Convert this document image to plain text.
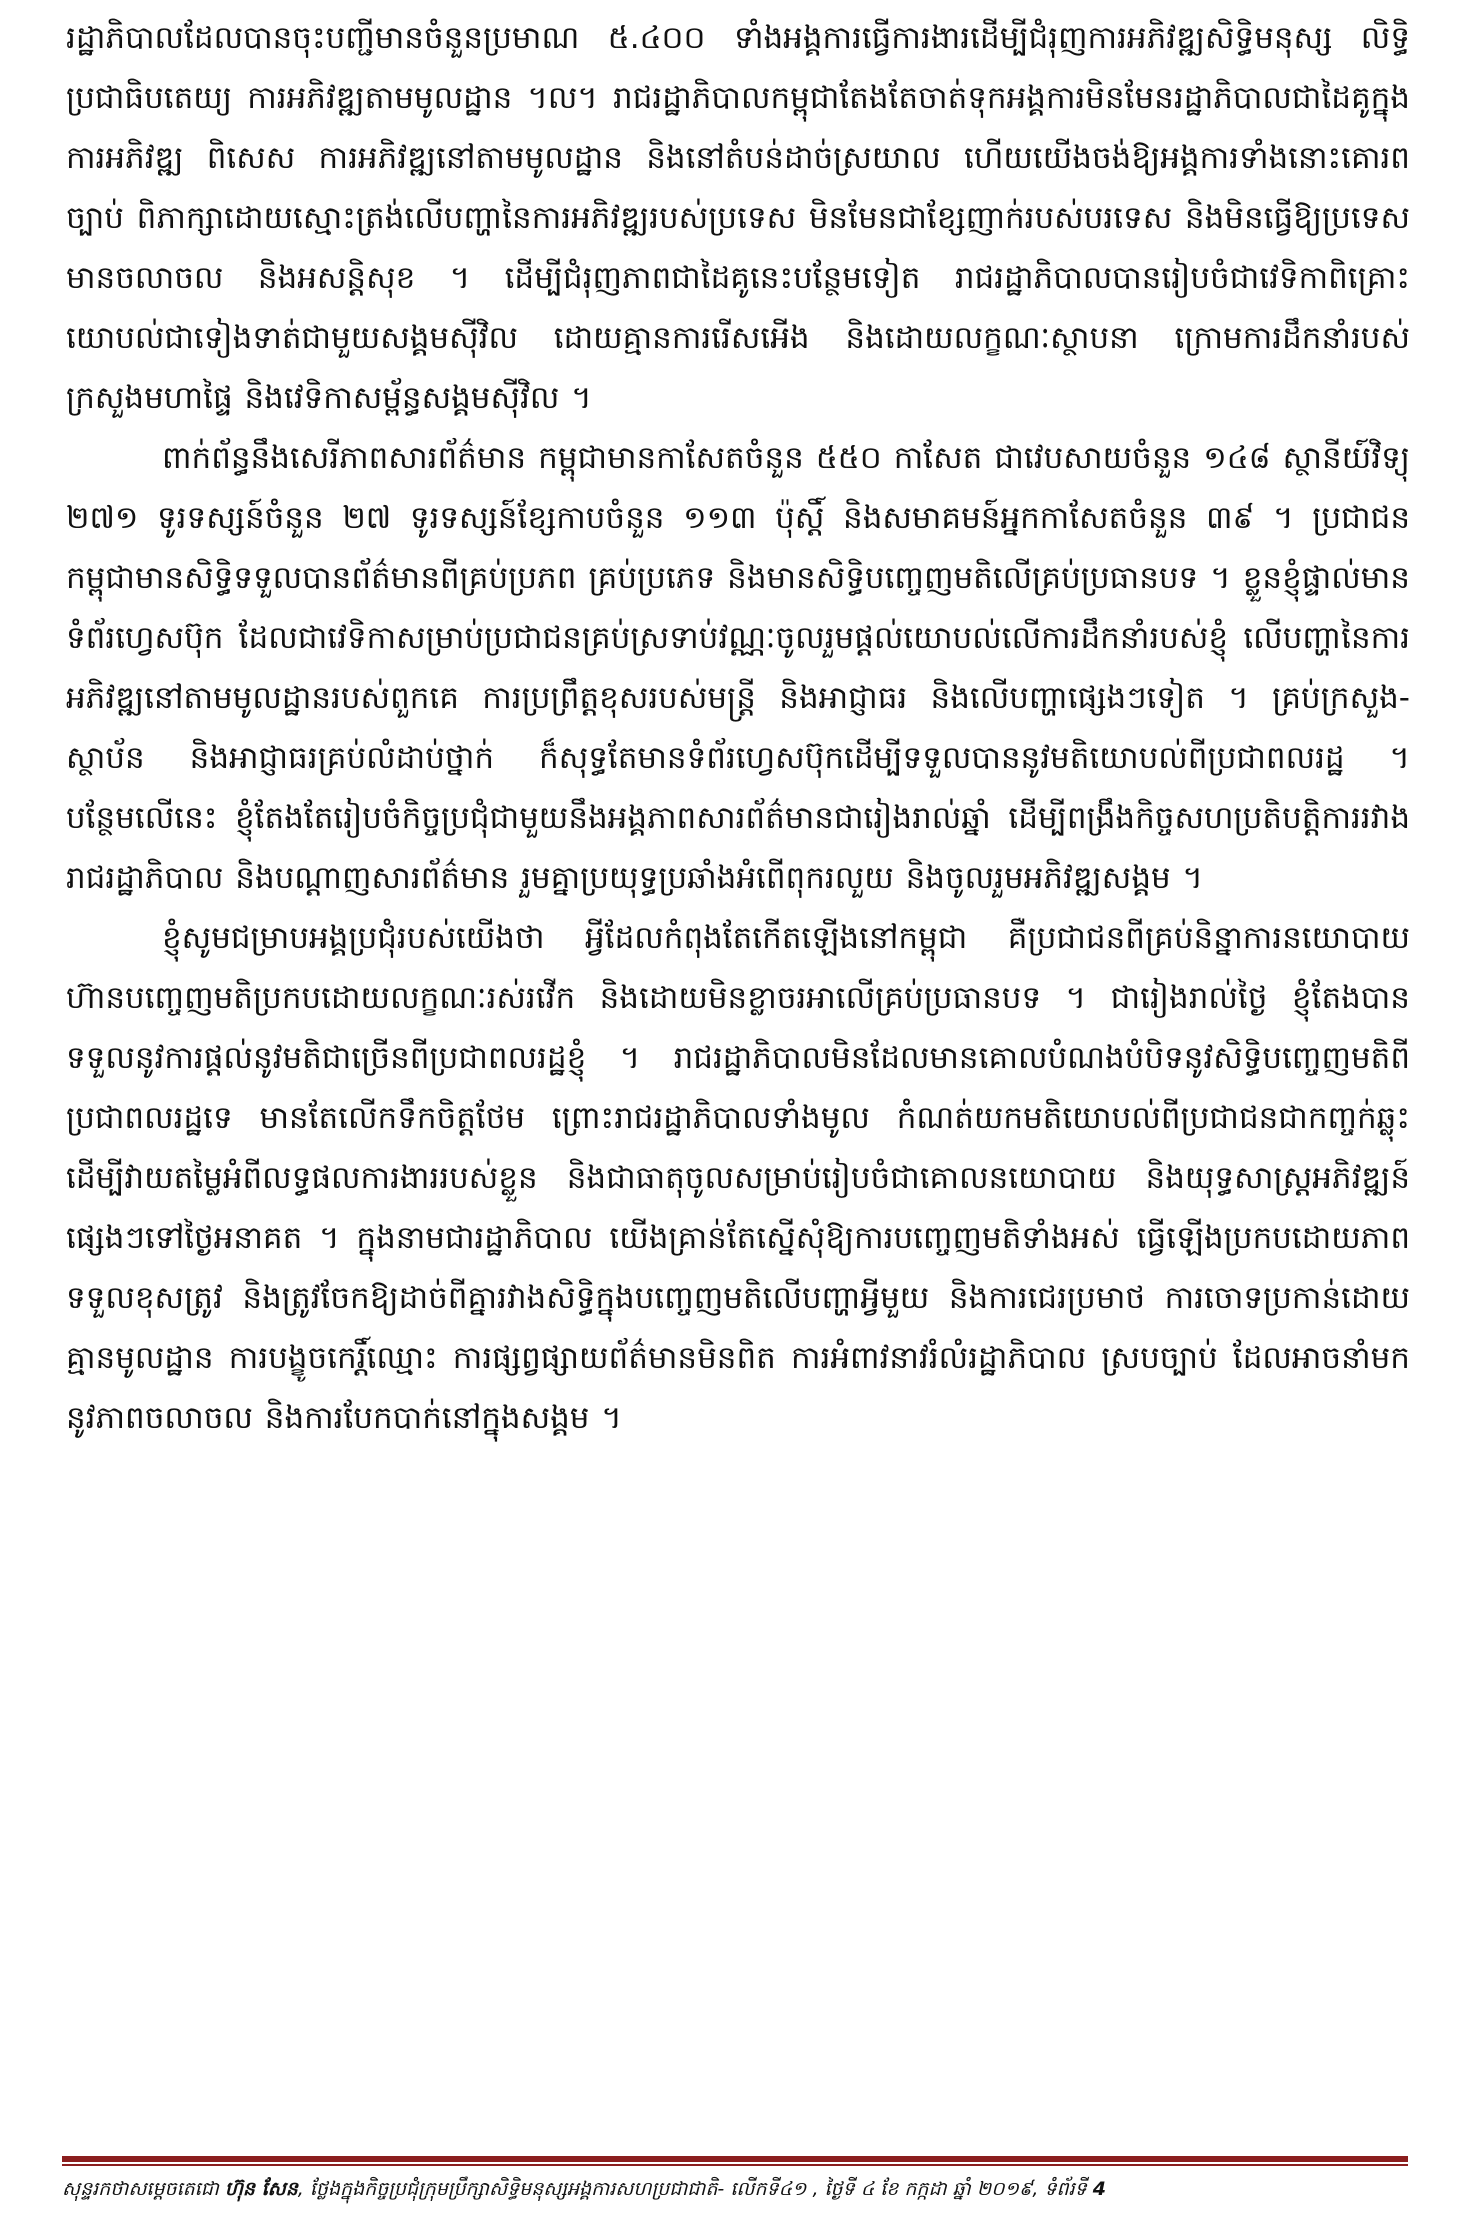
រដ្ឋាភិបាលដែលបានចុះបញ្ជីមានចំនួនប្រមាណ ៥.៤០០ ទាំងអង្គការធ្វើការងារដើម្បីជំរុញការអភិវឌ្ឍសិទ្ធិមនុស្ស លិទ្ធិប្រជាធិបតេយ្យ ការអភិវឌ្ឍតាមមូលដ្ឋាន ។ល។ រាជរដ្ឋាភិបាលកម្ពុជាតែងតែចាត់ទុកអង្គការមិនមែនរដ្ឋាភិបាលជាដៃគូក្នុងការអភិវឌ្ឍ ពិសេស ការអភិវឌ្ឍនៅតាមមូលដ្ឋាន និងនៅតំបន់ដាច់ស្រយាល ហើយយើងចង់ឱ្យអង្គការទាំងនោះគោរពច្បាប់ ពិភាក្សាដោយស្មោះត្រង់លើបញ្ហានៃការអភិវឌ្ឍរបស់ប្រទេស មិនមែនជាខ្សែញាក់របស់បរទេស និងមិនធ្វើឱ្យប្រទេសមានចលាចល និងអសន្តិសុខ ។ ដើម្បីជំរុញភាពជាដៃគូនេះបន្ថែមទៀត រាជរដ្ឋាភិបាលបានរៀបចំជាវេទិកាពិគ្រោះយោបល់ជាទៀងទាត់ជាមួយសង្គមស៊ីវិល ដោយគ្មានការរើសអើង និងដោយលក្ខណៈស្ថាបនា ក្រោមការដឹកនាំរបស់ក្រសួងមហាផ្ទៃ និងវេទិកាសម្ព័ន្ធសង្គមស៊ីវិល ។

ពាក់ព័ន្ធនឹងសេរីភាពសារព័ត៌មាន កម្ពុជាមានកាសែតចំនួន ៥៥០ កាសែត ជាវេបសាយចំនួន ១៤៨ ស្ថានីយ៍វិទ្យុ ២៧១ ទូរទស្សន៍ចំនួន ២៧ ទូរទស្សន៍ខ្សែកាបចំនួន ១១៣ ប៉ុស្តិ៍ និងសមាគមន៍អ្នកកាសែតចំនួន ៣៩ ។ ប្រជាជនកម្ពុជាមានសិទ្ធិទទួលបានព័ត៌មានពីគ្រប់ប្រភព គ្រប់ប្រភេទ និងមានសិទ្ធិបញ្ចេញមតិលើគ្រប់ប្រធានបទ ។ ខ្លួនខ្ញុំផ្ទាល់មានទំព័រហ្វេសប៊ុក ដែលជាវេទិកាសម្រាប់ប្រជាជនគ្រប់ស្រទាប់វណ្ណៈចូលរួមផ្តល់យោបល់លើការដឹកនាំរបស់ខ្ញុំ លើបញ្ហានៃការអភិវឌ្ឍនៅតាមមូលដ្ឋានរបស់ពួកគេ ការប្រព្រឹត្តខុសរបស់មន្ត្រី និងអាជ្ញាធរ និងលើបញ្ហាផ្សេងៗទៀត ។ គ្រប់ក្រសួង-ស្ថាប័ន និងអាជ្ញាធរគ្រប់លំដាប់ថ្នាក់ ក៏សុទ្ធតែមានទំព័រហ្វេសប៊ុកដើម្បីទទួលបាននូវមតិយោបល់ពីប្រជាពលរដ្ឋ ។ បន្ថែមលើនេះ ខ្ញុំតែងតែរៀបចំកិច្ចប្រជុំជាមួយនឹងអង្គភាពសារព័ត៌មានជារៀងរាល់ឆ្នាំ ដើម្បីពង្រឹងកិច្ចសហប្រតិបត្តិការរវាងរាជរដ្ឋាភិបាល និងបណ្តាញសារព័ត៌មាន រួមគ្នាប្រយុទ្ធប្រឆាំងអំពើពុករលួយ និងចូលរួមអភិវឌ្ឍសង្គម ។

ខ្ញុំសូមជម្រាបអង្គប្រជុំរបស់យើងថា អ្វីដែលកំពុងតែកើតឡើងនៅកម្ពុជា គឺប្រជាជនពីគ្រប់និន្នាការនយោបាយហ៊ានបញ្ចេញមតិប្រកបដោយលក្ខណៈរស់រវើក និងដោយមិនខ្លាចរអាលើគ្រប់ប្រធានបទ ។ ជារៀងរាល់ថ្ងៃ ខ្ញុំតែងបានទទួលនូវការផ្តល់នូវមតិជាច្រើនពីប្រជាពលរដ្ឋខ្ញុំ ។ រាជរដ្ឋាភិបាលមិនដែលមានគោលបំណងបំបិទនូវសិទ្ធិបញ្ចេញមតិពីប្រជាពលរដ្ឋទេ មានតែលើកទឹកចិត្តថែម ព្រោះរាជរដ្ឋាភិបាលទាំងមូល កំណត់យកមតិយោបល់ពីប្រជាជនជាកញ្ចក់ឆ្លុះដើម្បីវាយតម្លៃអំពីលទ្ធផលការងាររបស់ខ្លួន និងជាធាតុចូលសម្រាប់រៀបចំជាគោលនយោបាយ និងយុទ្ធសាស្ត្រអភិវឌ្ឍន៍ផ្សេងៗទៅថ្ងៃអនាគត ។ ក្នុងនាមជារដ្ឋាភិបាល យើងគ្រាន់តែស្នើសុំឱ្យការបញ្ចេញមតិទាំងអស់ ធ្វើឡើងប្រកបដោយភាពទទួលខុសត្រូវ និងត្រូវចែកឱ្យដាច់ពីគ្នារវាងសិទ្ធិក្នុងបញ្ចេញមតិលើបញ្ហាអ្វីមួយ និងការជេរប្រមាថ ការចោទប្រកាន់ដោយគ្មានមូលដ្ឋាន ការបង្ខូចកេរ្តិ៍ឈ្មោះ ការផ្សព្វផ្សាយព័ត៌មានមិនពិត ការអំពាវនាវរំលំរដ្ឋាភិបាល ស្របច្បាប់ ដែលអាចនាំមកនូវភាពចលាចល និងការបែកបាក់នៅក្នុងសង្គម ។

សុន្ទរកថាសម្តេចតេជោ ហ៊ុន សែន, ថ្លែងក្នុងកិច្ចប្រជុំក្រុមប្រឹក្សាសិទ្ធិមនុស្សអង្គការសហប្រជាជាតិ- លើកទី៤១ , ថ្ងៃទី ៤ ខែ កក្កដា ឆ្នាំ ២០១៩, ទំព័រទី 4
